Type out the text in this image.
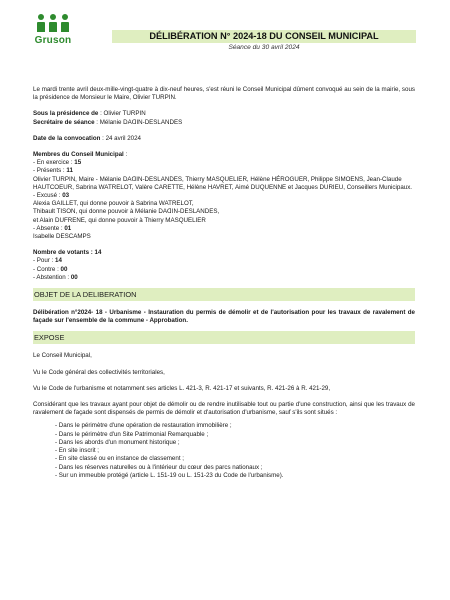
Gruson	DÉLIBÉRATION N° 2024-18 DU CONSEIL MUNICIPAL
Séance du 30 avril 2024

Le mardi trente avril deux-mille-vingt-quatre à dix-neuf heures, s'est réuni le Conseil Municipal dûment convoqué au sein de la mairie, sous la présidence de Monsieur le Maire, Olivier TURPIN.

Sous la présidence de : Olivier TURPIN

Secrétaire de séance : Mélanie DAᗡIN-DESLANDES

Date de la convocation : 24 avril 2024

Membres du Conseil Municipal :

- En exercice : 15

- Présents : 11

Olivier TURPIN, Maire - Mélanie DAᗡIN-DESLANDES, Thierry MASQUELIER, Hélène HÉROGUER, Philippe SIMOENS, Jean-Claude HAUTCOEUR, Sabrina WATRELOT, Valère CARETTE, Hélène HAVRET, Aimé DUQUENNE et Jacques DURIEU, Conseillers Municipaux.

- Excusé : 03

Alexia GAILLET, qui donne pouvoir à Sabrina WATRELOT,

Thibault TISON, qui donne pouvoir à Mélanie DAᗡIN-DESLANDES,

et Alain DUFRENE, qui donne pouvoir à Thierry MASQUELIER

- Absente : 01

Isabelle DESCAMPS

Nombre de votants : 14

- Pour : 14

- Contre : 00

- Abstention : 00

OBJET DE LA DELIBERATION

Délibération n°2024- 18 - Urbanisme - Instauration du permis de démolir et de l'autorisation pour les travaux de ravalement de façade sur l'ensemble de la commune - Approbation.

EXPOSE

Le Conseil Municipal,

Vu le Code général des collectivités territoriales,

Vu le Code de l'urbanisme et notamment ses articles L. 421-3, R. 421-17 et suivants, R. 421-26 à R. 421-29,

Considérant que les travaux ayant pour objet de démolir ou de rendre inutilisable tout ou partie d'une construction, ainsi que les travaux de ravalement de façade sont dispensés de permis de démolir et d'autorisation d'urbanisme, sauf s'ils sont situés :

- Dans le périmètre d'une opération de restauration immobilière ;

- Dans le périmètre d'un Site Patrimonial Remarquable ;

- Dans les abords d'un monument historique ;

- En site inscrit ;

- En site classé ou en instance de classement ;

- Dans les réserves naturelles ou à l'intérieur du cœur des parcs nationaux ;

- Sur un immeuble protégé (article L. 151-19 ou L. 151-23 du Code de l'urbanisme).
